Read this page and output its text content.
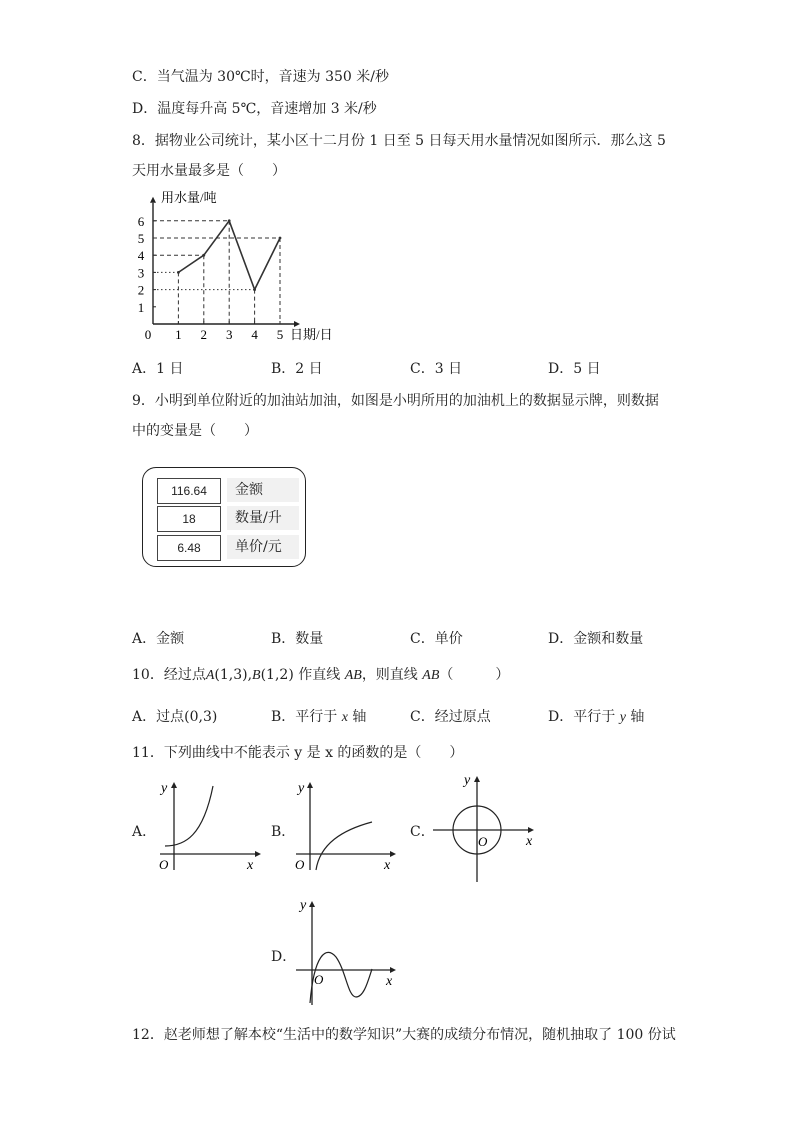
C．当气温为 30℃时，音速为 350 米/秒
D．温度每升高 5℃，音速增加 3 米/秒
8．据物业公司统计，某小区十二月份 1 日至 5 日每天用水量情况如图所示．那么这 5
天用水量最多是（　　）
用水量/吨
日期/日
0 1 2 3 4 5
1
2
3
4
5
6
A．1 日	B．2 日	C．3 日	D．5 日
9．小明到单位附近的加油站加油，如图是小明所用的加油机上的数据显示牌，则数据
中的变量是（　　）
116.64	金额
18	数量/升
6.48	单价/元
A．金额	B．数量	C．单价	D．金额和数量
10．经过点A(1,3),B(1,2) 作直线 AB，则直线 AB（　　　）
A．过点(0,3)	B．平行于 x 轴	C．经过原点	D．平行于 y 轴
11．下列曲线中不能表示 y 是 x 的函数的是（　　）
A．
x
y
O
B．
x
y
O
C．
x
y
O
D．
x
y
O
12．赵老师想了解本校“生活中的数学知识”大赛的成绩分布情况，随机抽取了 100 份试
